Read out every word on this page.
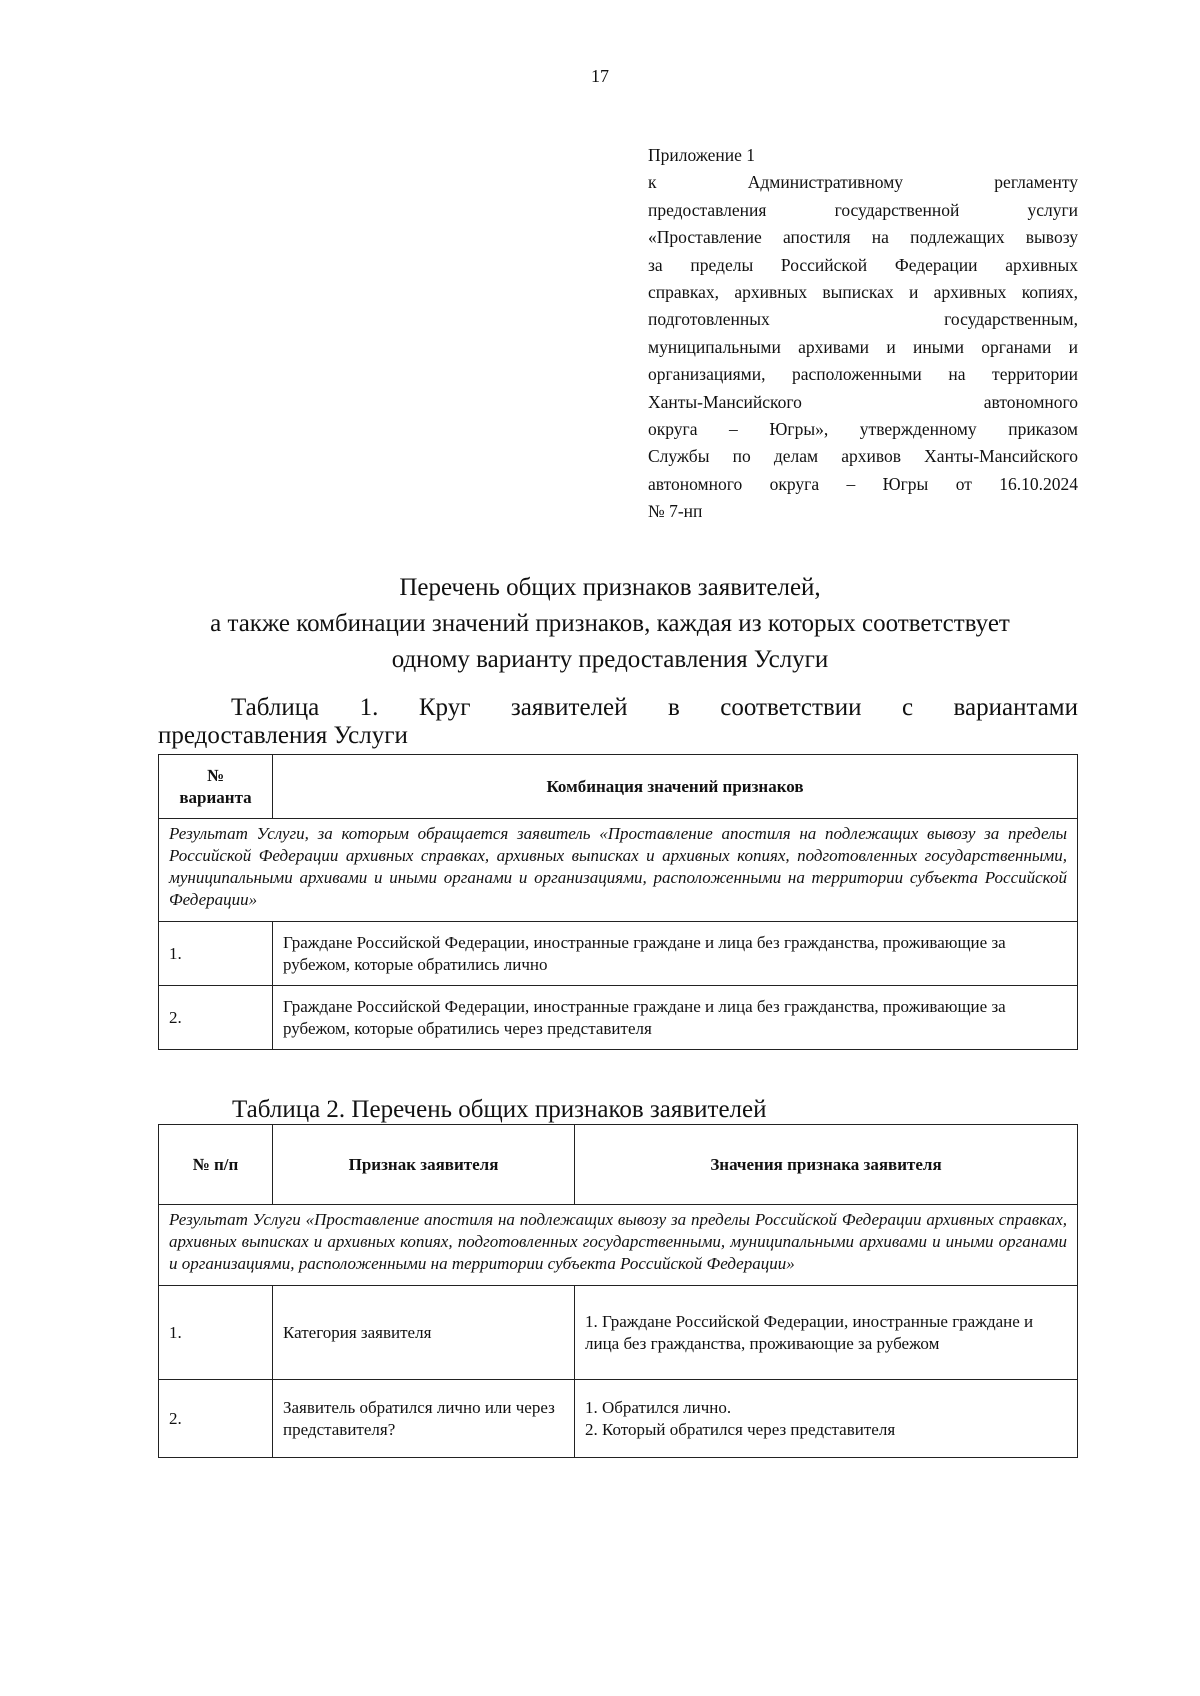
17
Приложение 1
к Административному регламенту
предоставления государственной услуги
«Проставление апостиля на подлежащих вывозу
за пределы Российской Федерации архивных
справках, архивных выписках и архивных копиях,
подготовленных государственным,
муниципальными архивами и иными органами и
организациями, расположенными на территории
Ханты-Мансийского автономного
округа – Югры», утвержденному приказом
Службы по делам архивов Ханты-Мансийского
автономного округа – Югры от 16.10.2024
№ 7-нп
Перечень общих признаков заявителей,
а также комбинации значений признаков, каждая из которых соответствует
одному варианту предоставления Услуги
Таблица 1. Круг заявителей в соответствии с вариантами
предоставления Услуги
№ варианта	Комбинация значений признаков
Результат Услуги, за которым обращается заявитель «Проставление апостиля на подлежащих вывозу за пределы Российской Федерации архивных справках, архивных выписках и архивных копиях, подготовленных государственными, муниципальными архивами и иными органами и организациями, расположенными на территории субъекта Российской Федерации»	
1.	Граждане Российской Федерации, иностранные граждане и лица без гражданства, проживающие за рубежом, которые обратились лично
2.	Граждане Российской Федерации, иностранные граждане и лица без гражданства, проживающие за рубежом, которые обратились через представителя
Таблица 2. Перечень общих признаков заявителей
№ п/п	Признак заявителя	Значения признака заявителя
Результат Услуги «Проставление апостиля на подлежащих вывозу за пределы Российской Федерации архивных справках, архивных выписках и архивных копиях, подготовленных государственными, муниципальными архивами и иными органами и организациями, расположенными на территории субъекта Российской Федерации»		
1.	Категория заявителя	1. Граждане Российской Федерации, иностранные граждане и лица без гражданства, проживающие за рубежом

2.	Заявитель обратился лично или через представителя?	1. Обратился лично.
2. Который обратился через представителя
